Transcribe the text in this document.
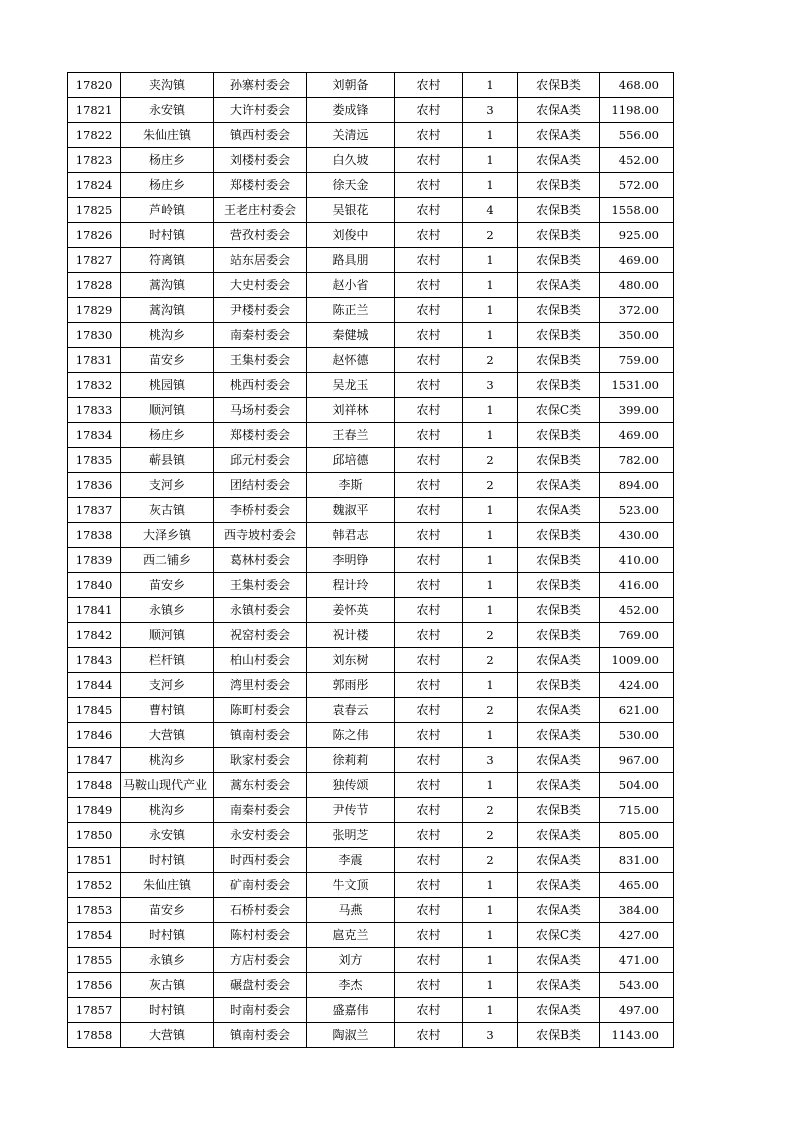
17820	夹沟镇	孙寨村委会	刘朝备	农村	1	农保B类	468.00
17821	永安镇	大许村委会	娄成锋	农村	3	农保A类	1198.00
17822	朱仙庄镇	镇西村委会	关清远	农村	1	农保A类	556.00
17823	杨庄乡	刘楼村委会	白久坡	农村	1	农保A类	452.00
17824	杨庄乡	郑楼村委会	徐天金	农村	1	农保B类	572.00
17825	芦岭镇	王老庄村委会	吴银花	农村	4	农保B类	1558.00
17826	时村镇	营孜村委会	刘俊中	农村	2	农保B类	925.00
17827	符离镇	站东居委会	路具朋	农村	1	农保B类	469.00
17828	蒿沟镇	大史村委会	赵小省	农村	1	农保A类	480.00
17829	蒿沟镇	尹楼村委会	陈正兰	农村	1	农保B类	372.00
17830	桃沟乡	南秦村委会	秦健城	农村	1	农保B类	350.00
17831	苗安乡	王集村委会	赵怀德	农村	2	农保B类	759.00
17832	桃园镇	桃西村委会	吴龙玉	农村	3	农保B类	1531.00
17833	顺河镇	马场村委会	刘祥林	农村	1	农保C类	399.00
17834	杨庄乡	郑楼村委会	王春兰	农村	1	农保B类	469.00
17835	蕲县镇	邱元村委会	邱培德	农村	2	农保B类	782.00
17836	支河乡	团结村委会	李斯	农村	2	农保A类	894.00
17837	灰古镇	李桥村委会	魏淑平	农村	1	农保A类	523.00
17838	大泽乡镇	西寺坡村委会	韩君志	农村	1	农保B类	430.00
17839	西二铺乡	葛林村委会	李明铮	农村	1	农保B类	410.00
17840	苗安乡	王集村委会	程计玲	农村	1	农保B类	416.00
17841	永镇乡	永镇村委会	姜怀英	农村	1	农保B类	452.00
17842	顺河镇	祝窑村委会	祝计楼	农村	2	农保B类	769.00
17843	栏杆镇	柏山村委会	刘东树	农村	2	农保A类	1009.00
17844	支河乡	湾里村委会	郭雨彤	农村	1	农保B类	424.00
17845	曹村镇	陈町村委会	袁春云	农村	2	农保A类	621.00
17846	大营镇	镇南村委会	陈之伟	农村	1	农保A类	530.00
17847	桃沟乡	耿家村委会	徐莉莉	农村	3	农保A类	967.00
17848	马鞍山现代产业	蒿东村委会	独传颂	农村	1	农保A类	504.00
17849	桃沟乡	南秦村委会	尹传节	农村	2	农保B类	715.00
17850	永安镇	永安村委会	张明芝	农村	2	农保A类	805.00
17851	时村镇	时西村委会	李震	农村	2	农保A类	831.00
17852	朱仙庄镇	矿南村委会	牛文顶	农村	1	农保A类	465.00
17853	苗安乡	石桥村委会	马燕	农村	1	农保A类	384.00
17854	时村镇	陈村村委会	扈克兰	农村	1	农保C类	427.00
17855	永镇乡	方店村委会	刘方	农村	1	农保A类	471.00
17856	灰古镇	碾盘村委会	李杰	农村	1	农保A类	543.00
17857	时村镇	时南村委会	盛嘉伟	农村	1	农保A类	497.00
17858	大营镇	镇南村委会	陶淑兰	农村	3	农保B类	1143.00
